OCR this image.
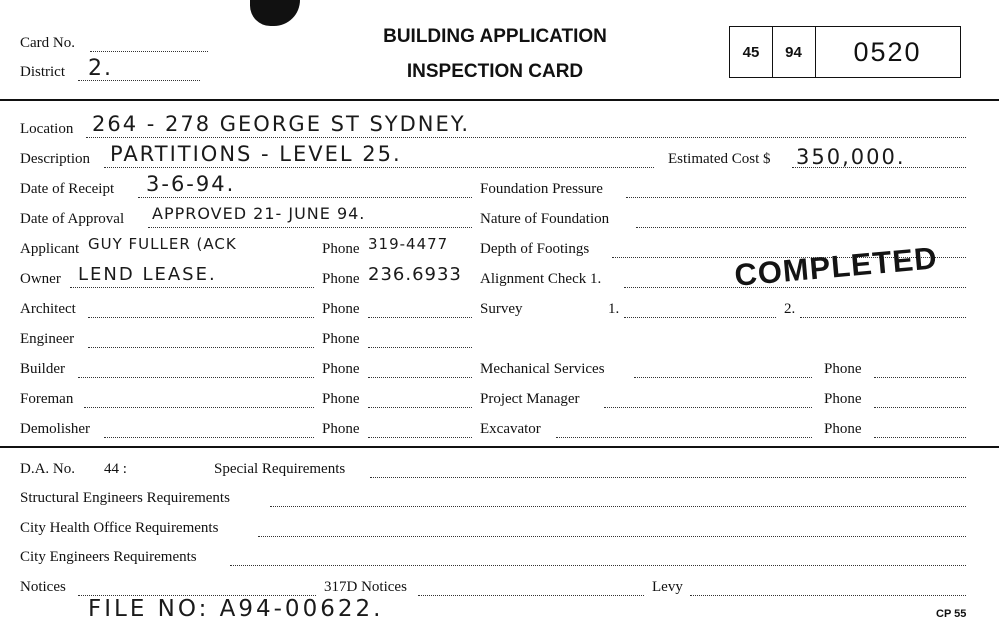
Card No.
District 2.
BUILDING APPLICATION
INSPECTION CARD
45	94	0520
Location 264 - 278 GEORGE ST SYDNEY.
Description PARTITIONS - LEVEL 25.	Estimated Cost $ 350,000.
Date of Receipt 3-6-94.	Foundation Pressure
Date of Approval APPROVED 21- JUNE 94.	Nature of Foundation
Applicant GUY FULLER (ACK	Phone 319-4477 Depth of Footings
Owner LEND LEASE.	Phone 236.6933 Alignment Check 1.
Architect	Phone	Survey	1.	2.
Engineer	Phone
Builder	Phone	Mechanical Services	Phone
Foreman	Phone	Project Manager	Phone
Demolisher	Phone	Excavator	Phone
D.A. No. 44 :	Special Requirements
Structural Engineers Requirements
City Health Office Requirements
City Engineers Requirements
Notices	317D Notices	Levy
FILE NO: A94-00622.	CP 55
COMPLETED
